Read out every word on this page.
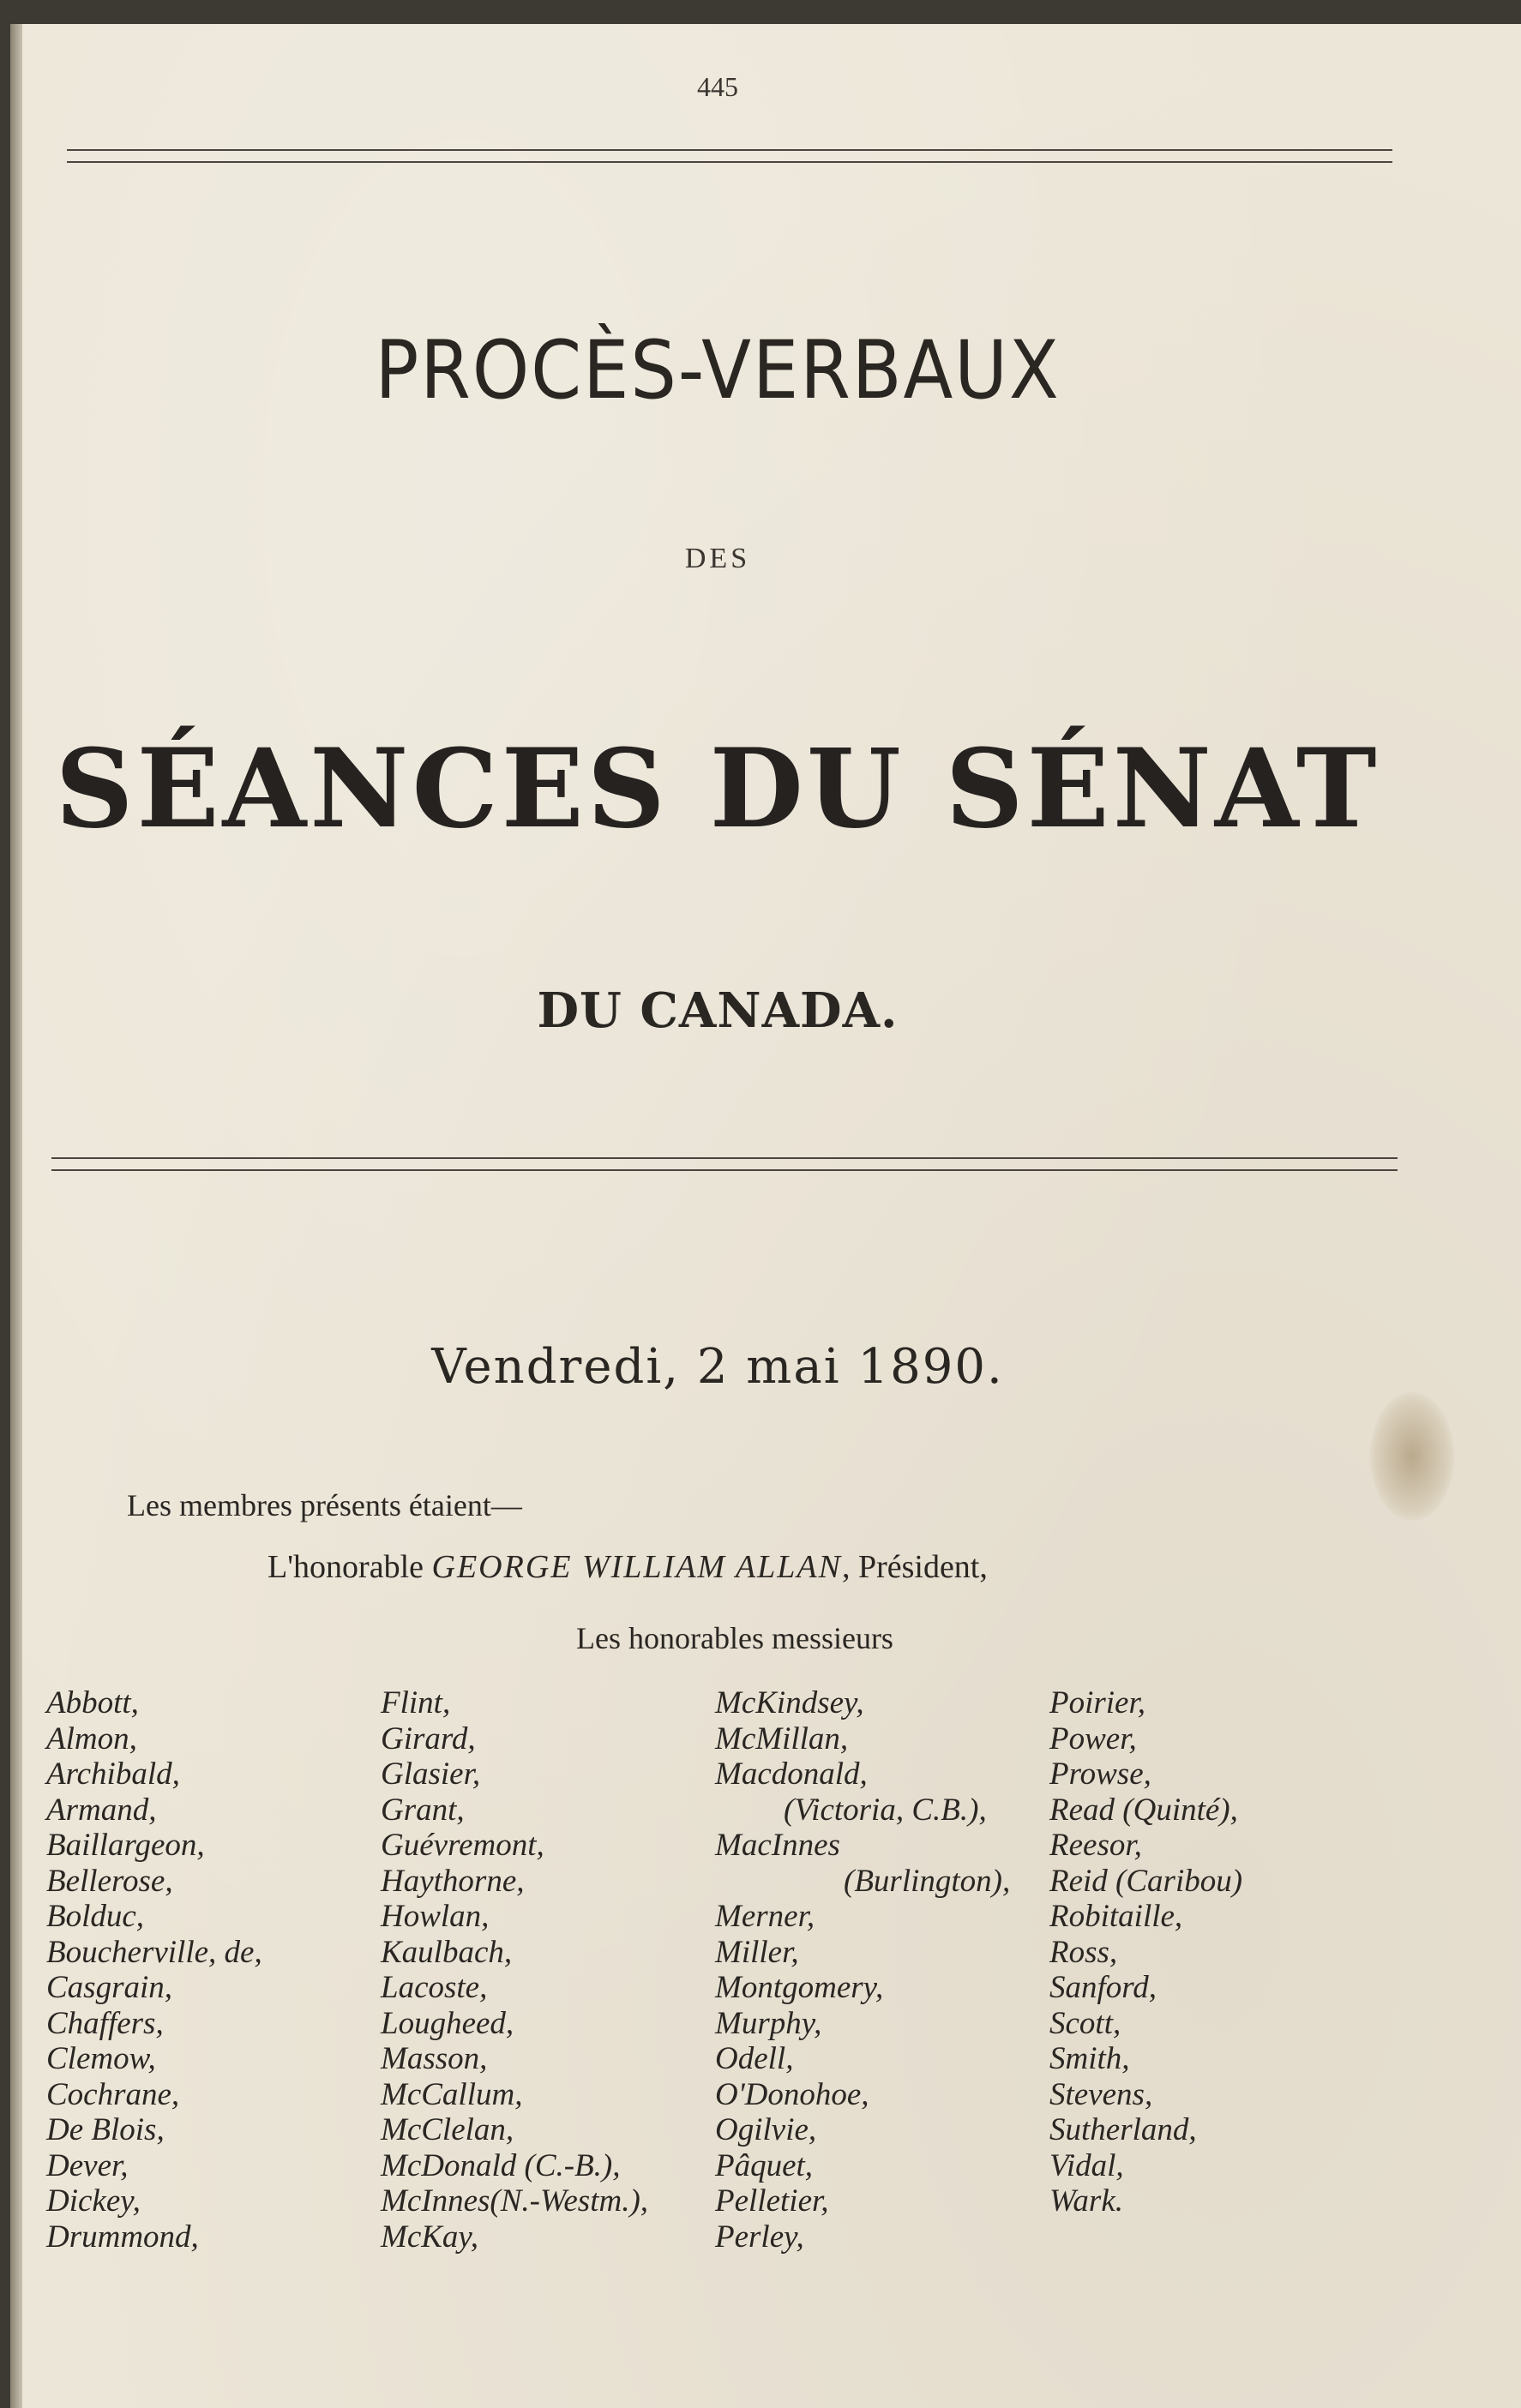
445
PROCÈS-VERBAUX
DES
SÉANCES DU SÉNAT
DU CANADA.
Vendredi, 2 mai 1890.
Les membres présents étaient—
L'honorable GEORGE WILLIAM ALLAN, Président,
Les honorables messieurs
Abbott,
Almon,
Archibald,
Armand,
Baillargeon,
Bellerose,
Bolduc,
Boucherville, de,
Casgrain,
Chaffers,
Clemow,
Cochrane,
De Blois,
Dever,
Dickey,
Drummond,
Flint,
Girard,
Glasier,
Grant,
Guévremont,
Haythorne,
Howlan,
Kaulbach,
Lacoste,
Lougheed,
Masson,
McCallum,
McClelan,
McDonald (C.-B.),
McInnes(N.-Westm.),
McKay,
McKindsey,
McMillan,
Macdonald,
(Victoria, C.B.),
MacInnes
(Burlington),
Merner,
Miller,
Montgomery,
Murphy,
Odell,
O'Donohoe,
Ogilvie,
Pâquet,
Pelletier,
Perley,
Poirier,
Power,
Prowse,
Read (Quinté),
Reesor,
Reid (Caribou)
Robitaille,
Ross,
Sanford,
Scott,
Smith,
Stevens,
Sutherland,
Vidal,
Wark.
